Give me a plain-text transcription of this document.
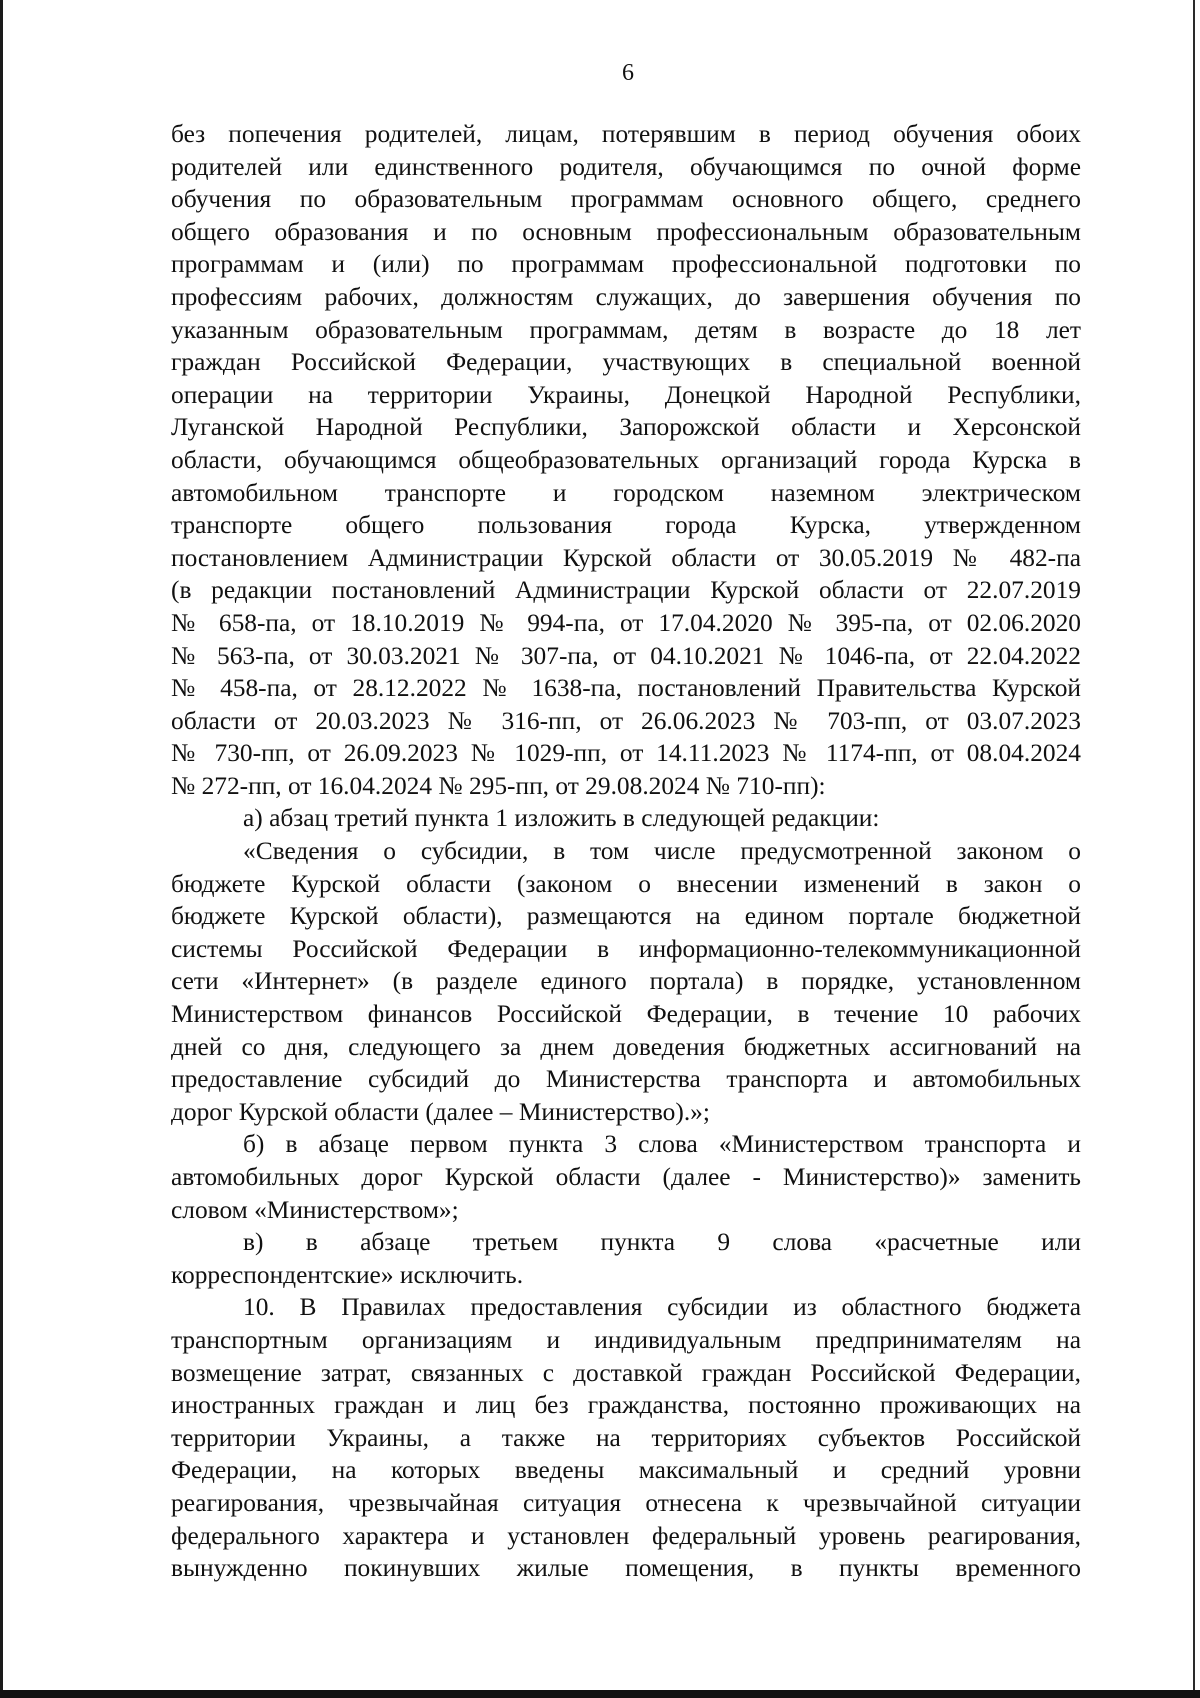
6
без попечения родителей, лицам, потерявшим в период обучения обоих
родителей или единственного родителя, обучающимся по очной форме
обучения по образовательным программам основного общего, среднего
общего образования и по основным профессиональным образовательным
программам и (или) по программам профессиональной подготовки по
профессиям рабочих, должностям служащих, до завершения обучения по
указанным образовательным программам, детям в возрасте до 18 лет
граждан Российской Федерации, участвующих в специальной военной
операции на территории Украины, Донецкой Народной Республики,
Луганской Народной Республики, Запорожской области и Херсонской
области, обучающимся общеобразовательных организаций города Курска в
автомобильном транспорте и городском наземном электрическом
транспорте общего пользования города Курска, утвержденном
постановлением Администрации Курской области от 30.05.2019 № 482-па
(в редакции постановлений Администрации Курской области от 22.07.2019
№ 658-па, от 18.10.2019 № 994-па, от 17.04.2020 № 395-па, от 02.06.2020
№ 563-па, от 30.03.2021 № 307-па, от 04.10.2021 № 1046-па, от 22.04.2022
№ 458-па, от 28.12.2022 № 1638-па, постановлений Правительства Курской
области от 20.03.2023 № 316-пп, от 26.06.2023 № 703-пп, от 03.07.2023
№ 730-пп, от 26.09.2023 № 1029-пп, от 14.11.2023 № 1174-пп, от 08.04.2024
№ 272-пп, от 16.04.2024 № 295-пп, от 29.08.2024 № 710-пп):
а) абзац третий пункта 1 изложить в следующей редакции:
«Сведения о субсидии, в том числе предусмотренной законом о
бюджете Курской области (законом о внесении изменений в закон о
бюджете Курской области), размещаются на едином портале бюджетной
системы Российской Федерации в информационно-телекоммуникационной
сети «Интернет» (в разделе единого портала) в порядке, установленном
Министерством финансов Российской Федерации, в течение 10 рабочих
дней со дня, следующего за днем доведения бюджетных ассигнований на
предоставление субсидий до Министерства транспорта и автомобильных
дорог Курской области (далее – Министерство).»;
б) в абзаце первом пункта 3 слова «Министерством транспорта и
автомобильных дорог Курской области (далее - Министерство)» заменить
словом «Министерством»;
в) в абзаце третьем пункта 9 слова «расчетные или
корреспондентские» исключить.
10. В Правилах предоставления субсидии из областного бюджета
транспортным организациям и индивидуальным предпринимателям на
возмещение затрат, связанных с доставкой граждан Российской Федерации,
иностранных граждан и лиц без гражданства, постоянно проживающих на
территории Украины, а также на территориях субъектов Российской
Федерации, на которых введены максимальный и средний уровни
реагирования, чрезвычайная ситуация отнесена к чрезвычайной ситуации
федерального характера и установлен федеральный уровень реагирования,
вынужденно покинувших жилые помещения, в пункты временного
